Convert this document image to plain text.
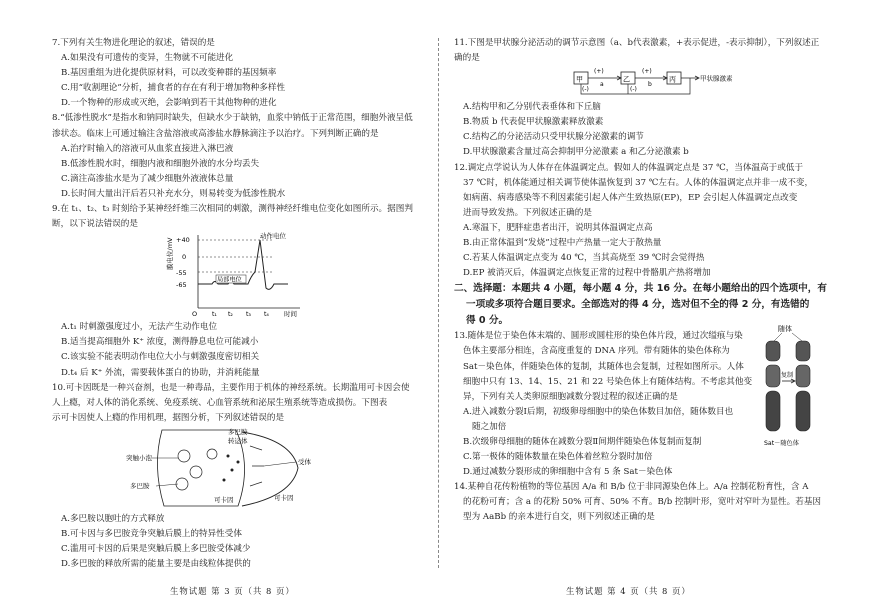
7.下列有关生物进化理论的叙述，错误的是

A.如果没有可遗传的变异，生物就不可能进化

B.基因重组为进化提供原材料，可以改变种群的基因频率

C.用“收割理论”分析，捕食者的存在有利于增加物种多样性

D.一个物种的形成或灭绝，会影响到若干其他物种的进化

8.“低渗性脱水”是指水和钠同时缺失，但缺水少于缺钠，血浆中钠低于正常范围，细胞外液呈低

渗状态。临床上可通过输注含盐溶液或高渗盐水静脉滴注予以治疗。下列判断正确的是

A.治疗时输入的溶液可从血浆直接进入淋巴液

B.低渗性脱水时，细胞内液和细胞外液的水分均丢失

C.滴注高渗盐水是为了减少细胞外液液体总量

D.长时间大量出汗后若只补充水分，则易转变为低渗性脱水

9.在 t₁、t₂、t₃ 时刻给予某神经纤维三次相同的刺激，测得神经纤维电位变化如图所示。据图判

断，以下说法错误的是

膜电位/mV +40
0
-55
-65
动作电位
局部电位
O t₁ t₂ t₃ t₄ 时间

A.t₁ 时刺激强度过小，无法产生动作电位

B.适当提高细胞外 K⁺ 浓度，测得静息电位可能减小

C.该实验不能表明动作电位大小与刺激强度密切相关

D.t₄ 后 K⁺ 外流，需要载体蛋白的协助，并消耗能量

10.可卡因既是一种兴奋剂，也是一种毒品，主要作用于机体的神经系统。长期滥用可卡因会使

人上瘾，对人体的消化系统、免疫系统、心血管系统和泌尿生殖系统等造成损伤。下图表

示可卡因使人上瘾的作用机理，据图分析，下列叙述错误的是

多巴胺
转运体
突触小泡	受体
多巴胺
可卡因	可卡因

A.多巴胺以胞吐的方式释放

B.可卡因与多巴胺竞争突触后膜上的特异性受体

C.滥用可卡因的后果是突触后膜上多巴胺受体减少

D.多巴胺的释放所需的能量主要是由线粒体提供的

生物试题 第 3 页（共 8 页）

11.下图是甲状腺分泌活动的调节示意图（a、b代表激素，+表示促进，-表示抑制），下列叙述正

确的是

甲
(+)
a
乙
(+)
b
丙	甲状腺激素
(-)	(-)

A.结构甲和乙分别代表垂体和下丘脑

B.物质 b 代表促甲状腺激素释放激素

C.结构乙的分泌活动只受甲状腺分泌激素的调节

D.甲状腺激素含量过高会抑制甲分泌激素 a 和乙分泌激素 b

12.调定点学说认为人体存在体温调定点。假如人的体温调定点是 37 ℃，当体温高于或低于

37 ℃时，机体能通过相关调节使体温恢复到 37 ℃左右。人体的体温调定点并非一成不变，

如病菌、病毒感染等不利因素能引起人体产生致热原(EP)，EP 会引起人体温调定点改变

进而导致发热。下列叙述正确的是

A.寒温下，肥胖症患者出汗，说明其体温调定点高

B.由正常体温到“发烧”过程中产热量一定大于散热量

C.若某人体温调定点变为 40 ℃，当其高烧至 39 ℃时会觉得热

D.EP 被消灭后，体温调定点恢复正常的过程中骨骼肌产热将增加

二、选择题：本题共 4 小题，每小题 4 分，共 16 分。在每小题给出的四个选项中，有
一项或多项符合题目要求。全部选对的得 4 分，选对但不全的得 2 分，有选错的
得 0 分。

13.随体是位于染色体末端的、圆形或圆柱形的染色体片段，通过次缢痕与染

色体主要部分相连，含高度重复的 DNA 序列。带有随体的染色体称为

Sat－染色体，伴随染色体的复制，其随体也会复制，过程如图所示。人体

细胞中只有 13、14、15、21 和 22 号染色体上有随体结构。不考虑其他变

异，下列有关人类卵原细胞减数分裂过程的叙述正确的是

A.进入减数分裂Ⅰ后期，初级卵母细胞中的染色体数目加倍，随体数目也

随之加倍

随体
复制
Sat－随色体

B.次级卵母细胞的随体在减数分裂Ⅱ间期伴随染色体复制而复制

C.第一极体的随体数量在染色体着丝粒分裂时加倍

D.通过减数分裂形成的卵细胞中含有 5 条 Sat－染色体

14.某种自花传粉植物的等位基因 A/a 和 B/b 位于非同源染色体上。A/a 控制花粉育性，含 A

的花粉可育；含 a 的花粉 50% 可育、50% 不育。B/b 控制叶形，宽叶对窄叶为显性。若基因

型为 AaBb 的亲本进行自交，则下列叙述正确的是

生物试题 第 4 页（共 8 页）
